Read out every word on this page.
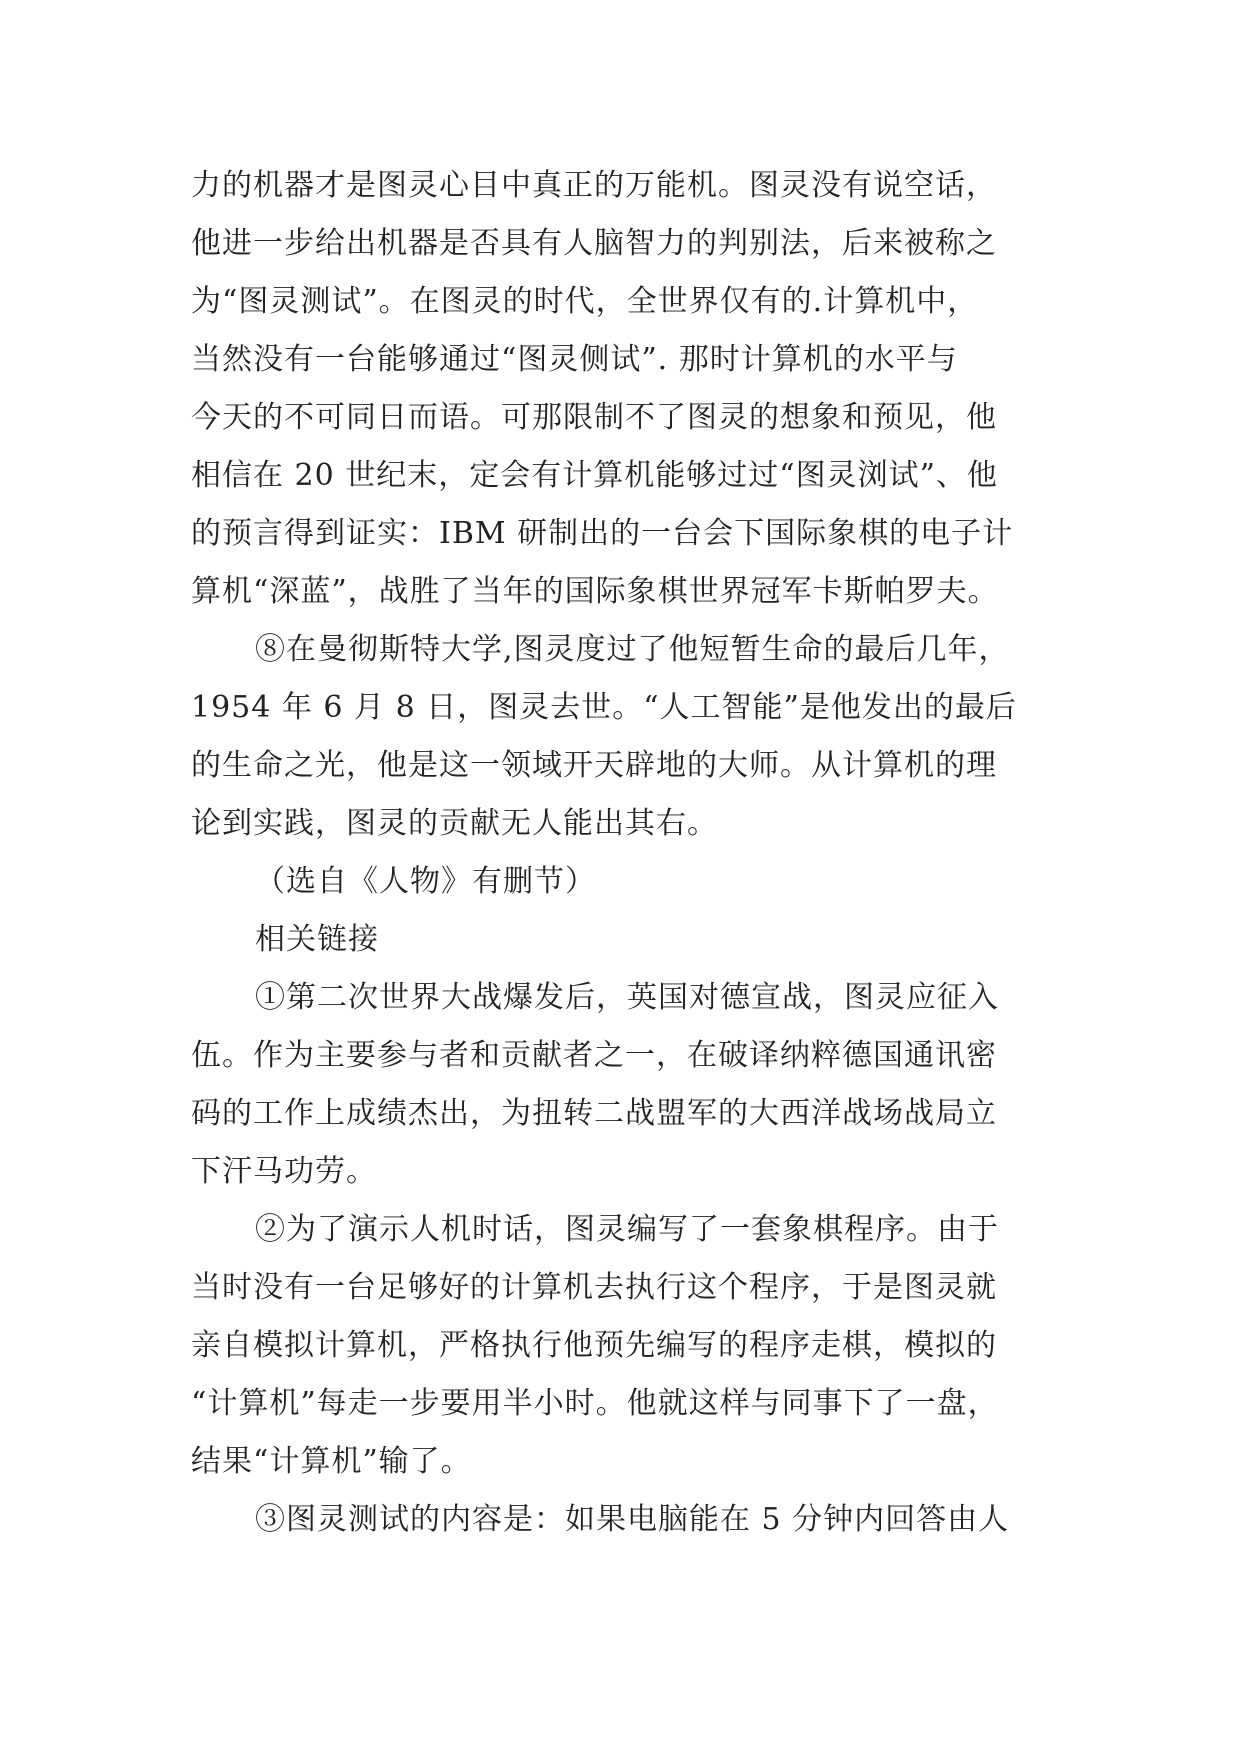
力的机器才是图灵心目中真正的万能机。图灵没有说空话，
他进一步给出机器是否具有人脑智力的判别法，后来被称之
为“图灵测试”。在图灵的时代，全世界仅有的.计算机中，
当然没有一台能够通过“图灵侧试”. 那时计算机的水平与
今天的不可同日而语。可那限制不了图灵的想象和预见，他
相信在 20 世纪末，定会有计算机能够过过“图灵浏试”、他
的预言得到证实：IBM 研制出的一台会下国际象棋的电子计
算机“深蓝”，战胜了当年的国际象棋世界冠军卡斯帕罗夫。
⑧在曼彻斯特大学,图灵度过了他短暂生命的最后几年，
1954 年 6 月 8 日，图灵去世。“人工智能”是他发出的最后
的生命之光，他是这一领域开天辟地的大师。从计算机的理
论到实践，图灵的贡献无人能出其右。
（选自《人物》有删节）
相关链接
①第二次世界大战爆发后，英国对德宣战，图灵应征入
伍。作为主要参与者和贡献者之一，在破译纳粹德国通讯密
码的工作上成绩杰出，为扭转二战盟军的大西洋战场战局立
下汗马功劳。
②为了演示人机时话，图灵编写了一套象棋程序。由于
当时没有一台足够好的计算机去执行这个程序，于是图灵就
亲自模拟计算机，严格执行他预先编写的程序走棋，模拟的
“计算机”每走一步要用半小时。他就这样与同事下了一盘，
结果“计算机”输了。
③图灵测试的内容是：如果电脑能在 5 分钟内回答由人
